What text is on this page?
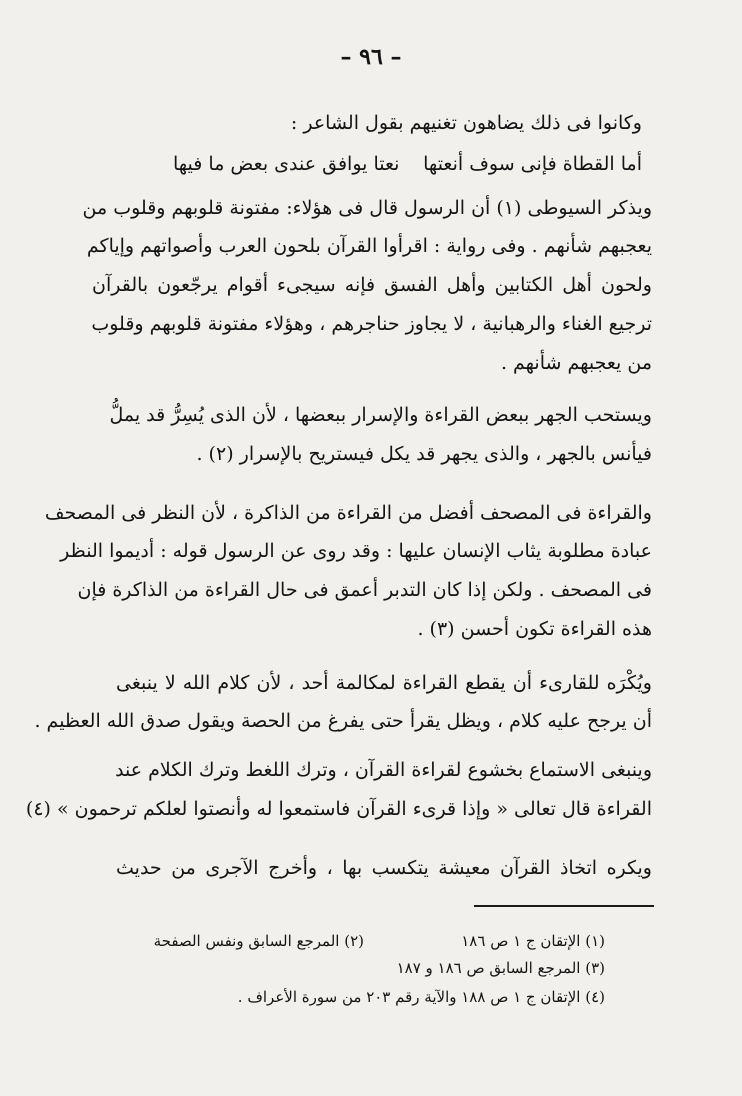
– ٩٦ –
وكانوا فى ذلك يضاهون تغنيهم بقول الشاعر :
أما القطاة فإنى سوف أنعتها
نعتا يوافق عندى بعض ما فيها
ويذكر السيوطى (١) أن الرسول قال فى هؤلاء: مفتونة قلوبهم وقلوب من
يعجبهم شأنهم . وفى رواية : اقرأوا القرآن بلحون العرب وأصواتهم وإياكم
ولحون أهل الكتابين وأهل الفسق فإنه سيجىء أقوام يرجّعون بالقرآن
ترجيع الغناء والرهبانية ، لا يجاوز حناجرهم ، وهؤلاء مفتونة قلوبهم وقلوب
من يعجبهم شأنهم .
ويستحب الجهر ببعض القراءة والإسرار ببعضها ، لأن الذى يُسِرُّ قد يملُّ
فيأنس بالجهر ، والذى يجهر قد يكل فيستريح بالإسرار (٢) .
والقراءة فى المصحف أفضل من القراءة من الذاكرة ، لأن النظر فى المصحف
عبادة مطلوبة يثاب الإنسان عليها : وقد روى عن الرسول قوله : أديموا النظر
فى المصحف . ولكن إذا كان التدبر أعمق فى حال القراءة من الذاكرة فإن
هذه القراءة تكون أحسن (٣) .
ويُكْرَه للقارىء أن يقطع القراءة لمكالمة أحد ، لأن كلام الله لا ينبغى
أن يرجح عليه كلام ، ويظل يقرأ حتى يفرغ من الحصة ويقول صدق الله العظيم .
وينبغى الاستماع بخشوع لقراءة القرآن ، وترك اللغط وترك الكلام عند
القراءة قال تعالى « وإذا قرىء القرآن فاستمعوا له وأنصتوا لعلكم ترحمون » (٤)
ويكره اتخاذ القرآن معيشة يتكسب بها ، وأخرج الآجرى من حديث
(١) الإتقان ج ١ ص ١٨٦
(٢) المرجع السابق ونفس الصفحة
(٣) المرجع السابق ص ١٨٦ و ١٨٧
(٤) الإتقان ج ١ ص ١٨٨ والآية رقم ٢٠٣ من سورة الأعراف .
